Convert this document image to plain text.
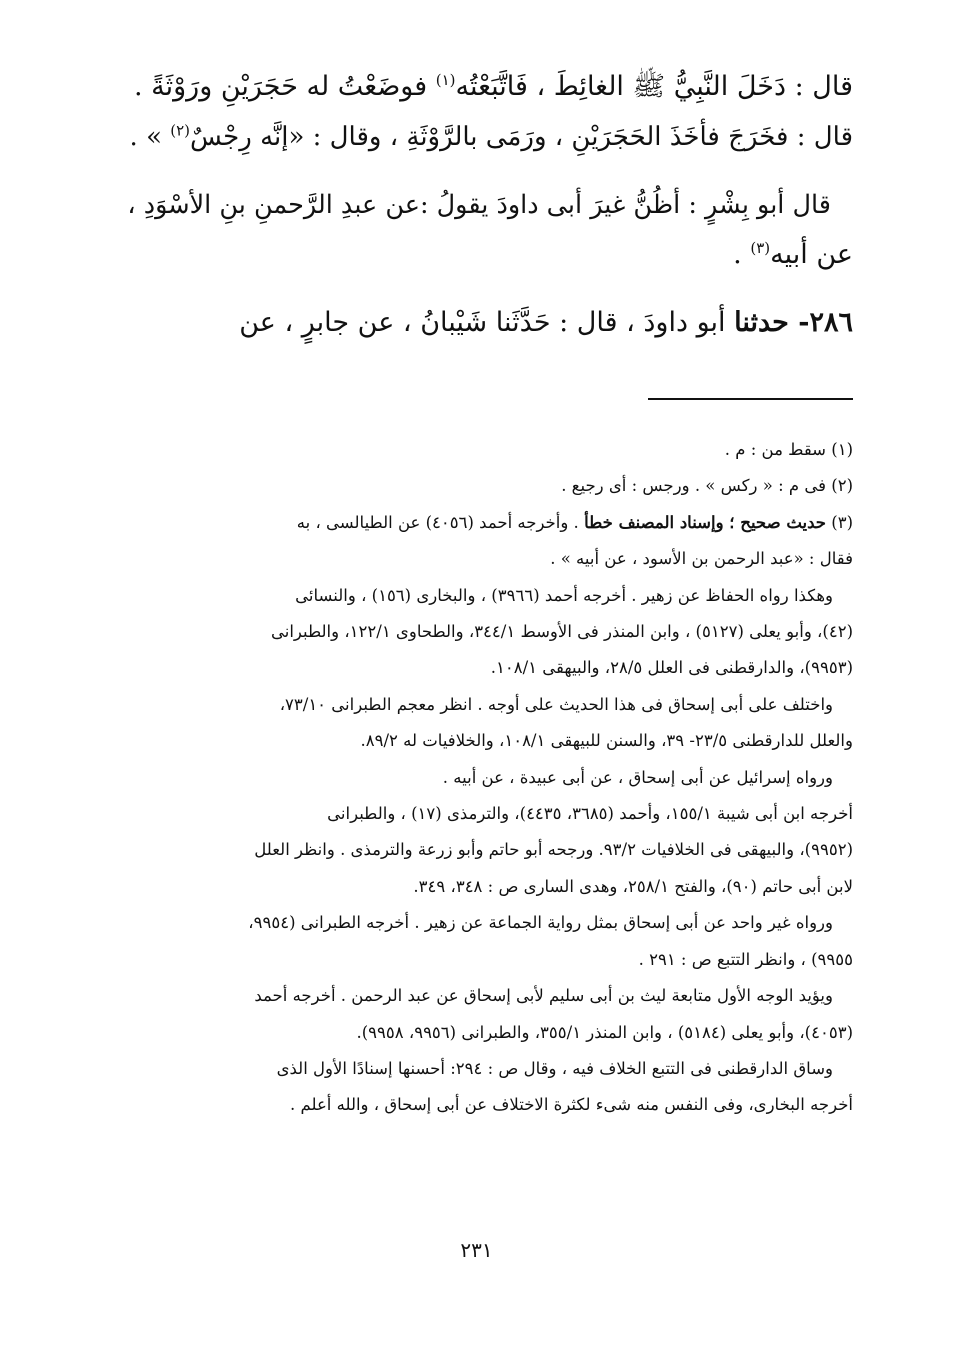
قال : دَخَلَ النَّبِيُّ ﷺ الغائِطَ ، فَاتَّبَعْتُه$^{(١)}$ فوضَعْتُ له حَجَرَيْنِ ورَوْثَةً .

قال : فخَرَجَ فأخَذَ الحَجَرَيْنِ ، ورَمَى بالرَّوْثَةِ ، وقال : «إنَّه رِجْسٌ$^{(٢)}$ » .

قال أبو بِشْرٍ : أظُنُّ غيرَ أبى داودَ يقولُ :عن عبدِ الرَّحمنِ بنِ الأسْوَدِ ،

عن أبيه$^{(٣)}$ .

٢٨٦- حدثنا أبو داودَ ، قال : حَدَّثَنا شَيْبانُ ، عن جابرٍ ، عن

(١) سقط من : م .

(٢) فى م : « ركس » . ورجس : أى رجيع .

(٣) حديث صحيح ؛ وإسناد المصنف خطأ . وأخرجه أحمد (٤٠٥٦) عن الطيالسى ، به

فقال : «عبد الرحمن بن الأسود ، عن أبيه » .

وهكذا رواه الحفاظ عن زهير . أخرجه أحمد (٣٩٦٦) ، والبخارى (١٥٦) ، والنسائى

(٤٢)، وأبو يعلى (٥١٢٧) ، وابن المنذر فى الأوسط ٣٤٤/١، والطحاوى ١٢٢/١، والطبرانى

(٩٩٥٣)، والدارقطنى فى العلل ٢٨/٥، والبيهقى ١٠٨/١.

واختلف على أبى إسحاق فى هذا الحديث على أوجه . انظر معجم الطبرانى ٧٣/١٠،

والعلل للدارقطنى ٢٣/٥- ٣٩، والسنن للبيهقى ١٠٨/١، والخلافيات له ٨٩/٢.

ورواه إسرائيل عن أبى إسحاق ، عن أبى عبيدة ، عن أبيه .

أخرجه ابن أبى شيبة ١٥٥/١، وأحمد (٣٦٨٥، ٤٤٣٥)، والترمذى (١٧) ، والطبرانى

(٩٩٥٢)، والبيهقى فى الخلافيات ٩٣/٢. ورجحه أبو حاتم وأبو زرعة والترمذى . وانظر العلل

لابن أبى حاتم (٩٠)، والفتح ٢٥٨/١، وهدى السارى ص : ٣٤٨، ٣٤٩.

ورواه غير واحد عن أبى إسحاق بمثل رواية الجماعة عن زهير . أخرجه الطبرانى (٩٩٥٤،

٩٩٥٥) ، وانظر التتبع ص : ٢٩١ .

ويؤيد الوجه الأول متابعة ليث بن أبى سليم لأبى إسحاق عن عبد الرحمن . أخرجه أحمد

(٤٠٥٣)، وأبو يعلى (٥١٨٤) ، وابن المنذر ٣٥٥/١، والطبرانى (٩٩٥٦، ٩٩٥٨).

وساق الدارقطنى فى التتبع الخلاف فيه ، وقال ص : ٢٩٤: أحسنها إسنادًا الأول الذى

أخرجه البخارى، وفى النفس منه شىء لكثرة الاختلاف عن أبى إسحاق ، والله أعلم .

٢٣١
